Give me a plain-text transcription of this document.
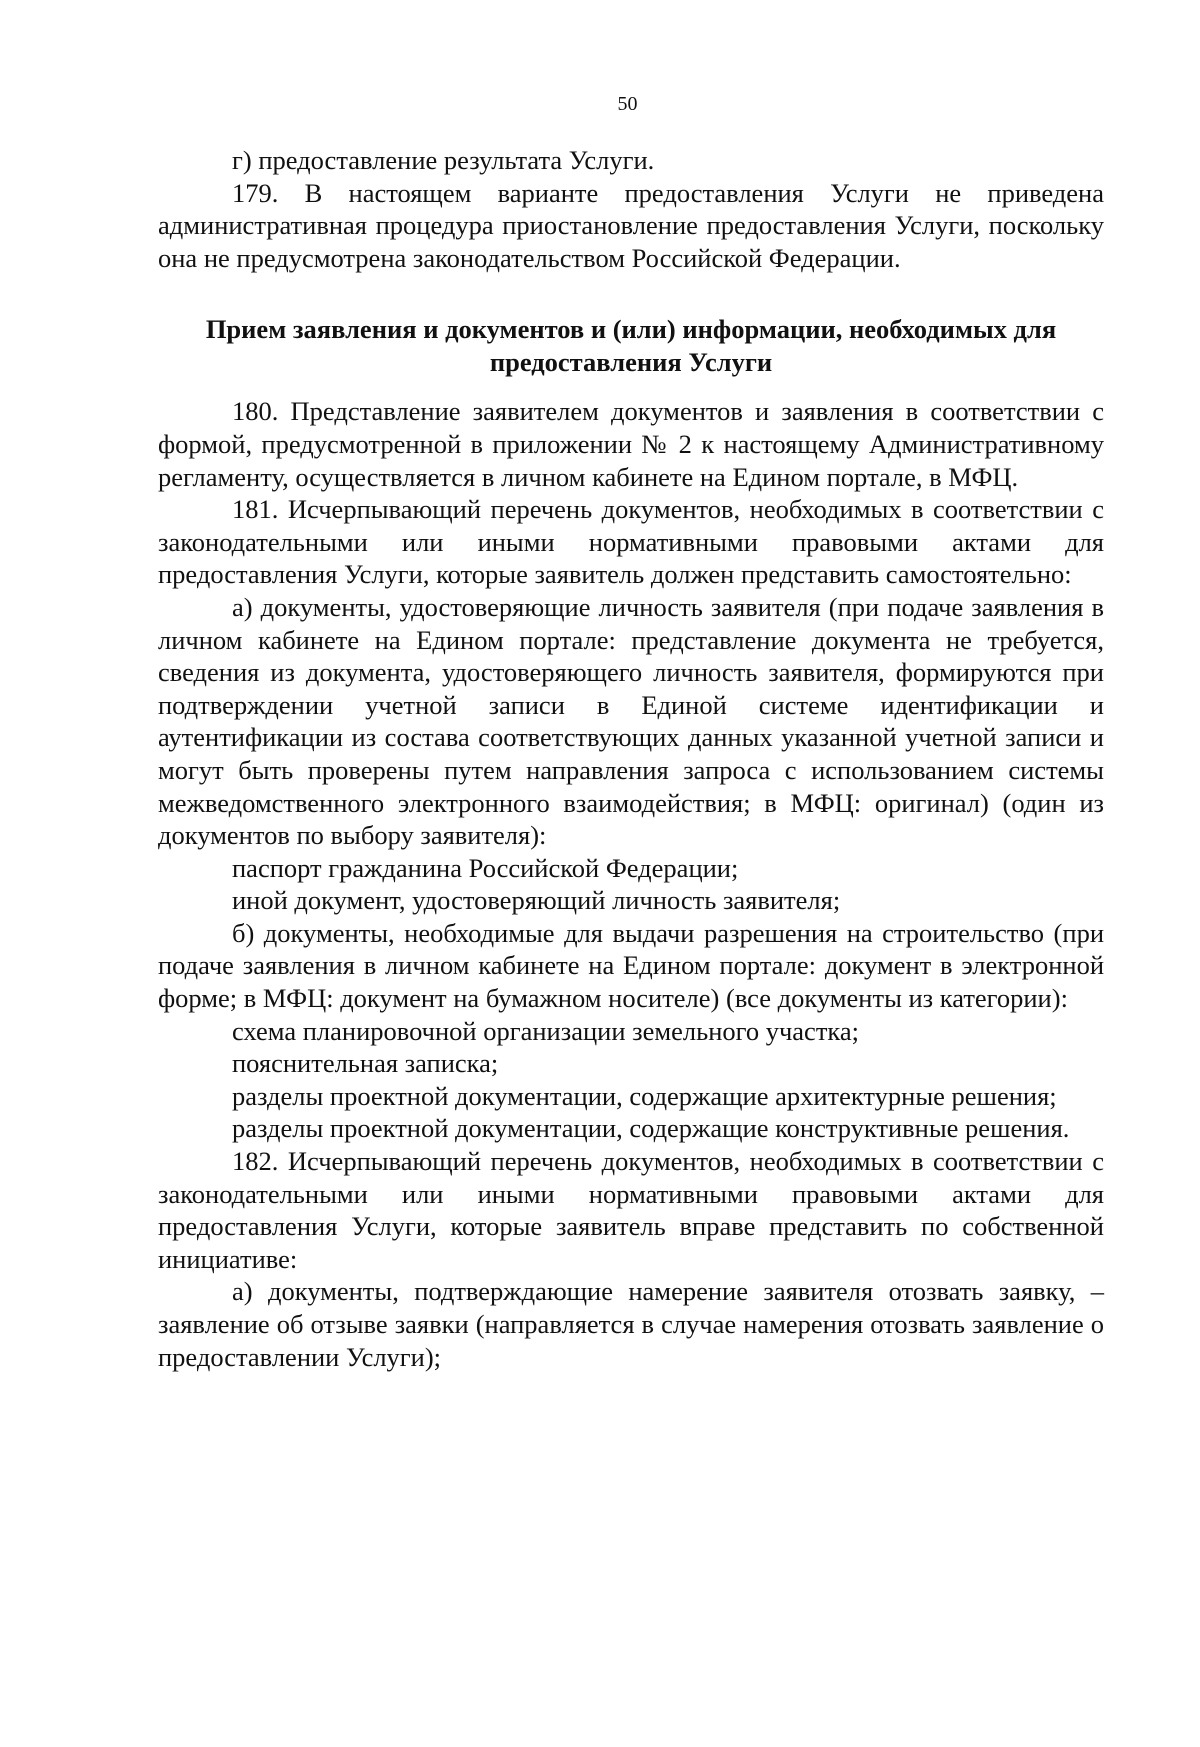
50

г) предоставление результата Услуги.

179. В настоящем варианте предоставления Услуги не приведена административная процедура приостановление предоставления Услуги, поскольку она не предусмотрена законодательством Российской Федерации.

Прием заявления и документов и (или) информации, необходимых для предоставления Услуги

180. Представление заявителем документов и заявления в соответствии с формой, предусмотренной в приложении № 2 к настоящему Административному регламенту, осуществляется в личном кабинете на Едином портале, в МФЦ.

181. Исчерпывающий перечень документов, необходимых в соответствии с законодательными или иными нормативными правовыми актами для предоставления Услуги, которые заявитель должен представить самостоятельно:

а) документы, удостоверяющие личность заявителя (при подаче заявления в личном кабинете на Едином портале: представление документа не требуется, сведения из документа, удостоверяющего личность заявителя, формируются при подтверждении учетной записи в Единой системе идентификации и аутентификации из состава соответствующих данных указанной учетной записи и могут быть проверены путем направления запроса с использованием системы межведомственного электронного взаимодействия; в МФЦ: оригинал) (один из документов по выбору заявителя):

паспорт гражданина Российской Федерации;

иной документ, удостоверяющий личность заявителя;

б) документы, необходимые для выдачи разрешения на строительство (при подаче заявления в личном кабинете на Едином портале: документ в электронной форме; в МФЦ: документ на бумажном носителе) (все документы из категории):

схема планировочной организации земельного участка;

пояснительная записка;

разделы проектной документации, содержащие архитектурные решения;

разделы проектной документации, содержащие конструктивные решения.

182. Исчерпывающий перечень документов, необходимых в соответствии с законодательными или иными нормативными правовыми актами для предоставления Услуги, которые заявитель вправе представить по собственной инициативе:

а) документы, подтверждающие намерение заявителя отозвать заявку, – заявление об отзыве заявки (направляется в случае намерения отозвать заявление о предоставлении Услуги);
